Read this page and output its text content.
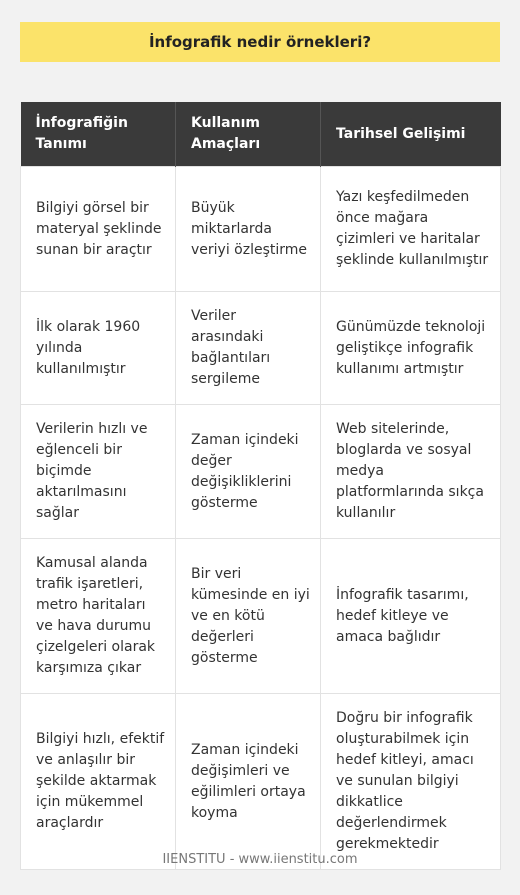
İnfografik nedir örnekleri?
İnfografiğin Tanımı	Kullanım Amaçları	Tarihsel Gelişimi
Bilgiyi görsel bir materyal şeklinde sunan bir araçtır	Büyük miktarlarda veriyi özleştirme	Yazı keşfedilmeden önce mağara çizimleri ve haritalar şeklinde kullanılmıştır
İlk olarak 1960 yılında kullanılmıştır	Veriler arasındaki bağlantıları sergileme	Günümüzde teknoloji geliştikçe infografik kullanımı artmıştır
Verilerin hızlı ve eğlenceli bir biçimde aktarılmasını sağlar	Zaman içindeki değer değişikliklerini gösterme	Web sitelerinde, bloglarda ve sosyal medya platformlarında sıkça kullanılır
Kamusal alanda trafik işaretleri, metro haritaları ve hava durumu çizelgeleri olarak karşımıza çıkar	Bir veri kümesinde en iyi ve en kötü değerleri gösterme	İnfografik tasarımı, hedef kitleye ve amaca bağlıdır
Bilgiyi hızlı, efektif ve anlaşılır bir şekilde aktarmak için mükemmel araçlardır	Zaman içindeki değişimleri ve eğilimleri ortaya koyma	Doğru bir infografik oluşturabilmek için hedef kitleyi, amacı ve sunulan bilgiyi dikkatlice değerlendirmek gerekmektedir
IIENSTITU - www.iienstitu.com
